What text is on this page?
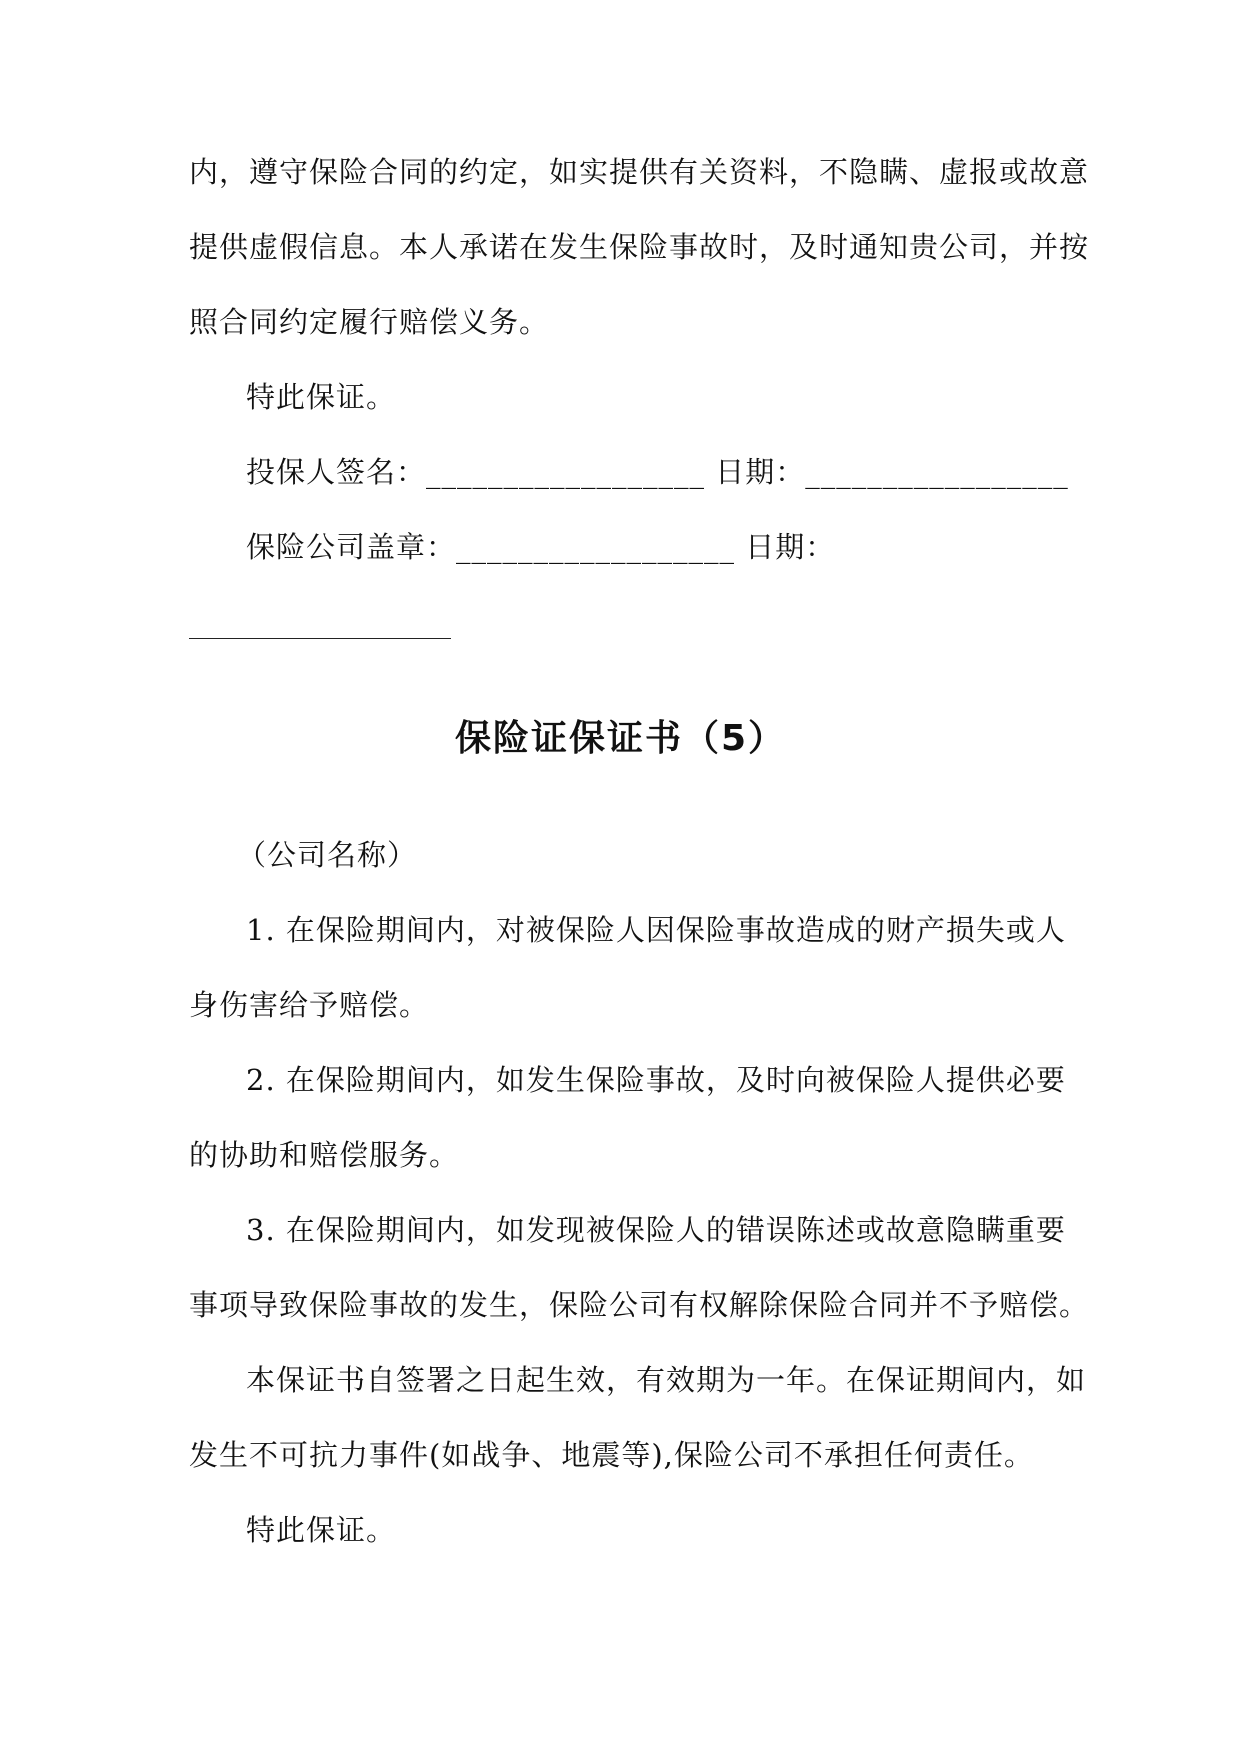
内，遵守保险合同的约定，如实提供有关资料，不隐瞒、虚报或故意
提供虚假信息。本人承诺在发生保险事故时，及时通知贵公司，并按
照合同约定履行赔偿义务。
特此保证。
投保人签名：__________________ 日期：_________________
保险公司盖章：__________________ 日期：
保险证保证书（5）
（公司名称）
1. 在保险期间内，对被保险人因保险事故造成的财产损失或人
身伤害给予赔偿。
2. 在保险期间内，如发生保险事故，及时向被保险人提供必要
的协助和赔偿服务。
3. 在保险期间内，如发现被保险人的错误陈述或故意隐瞒重要
事项导致保险事故的发生，保险公司有权解除保险合同并不予赔偿。
本保证书自签署之日起生效，有效期为一年。在保证期间内，如
发生不可抗力事件(如战争、地震等),保险公司不承担任何责任。
特此保证。
